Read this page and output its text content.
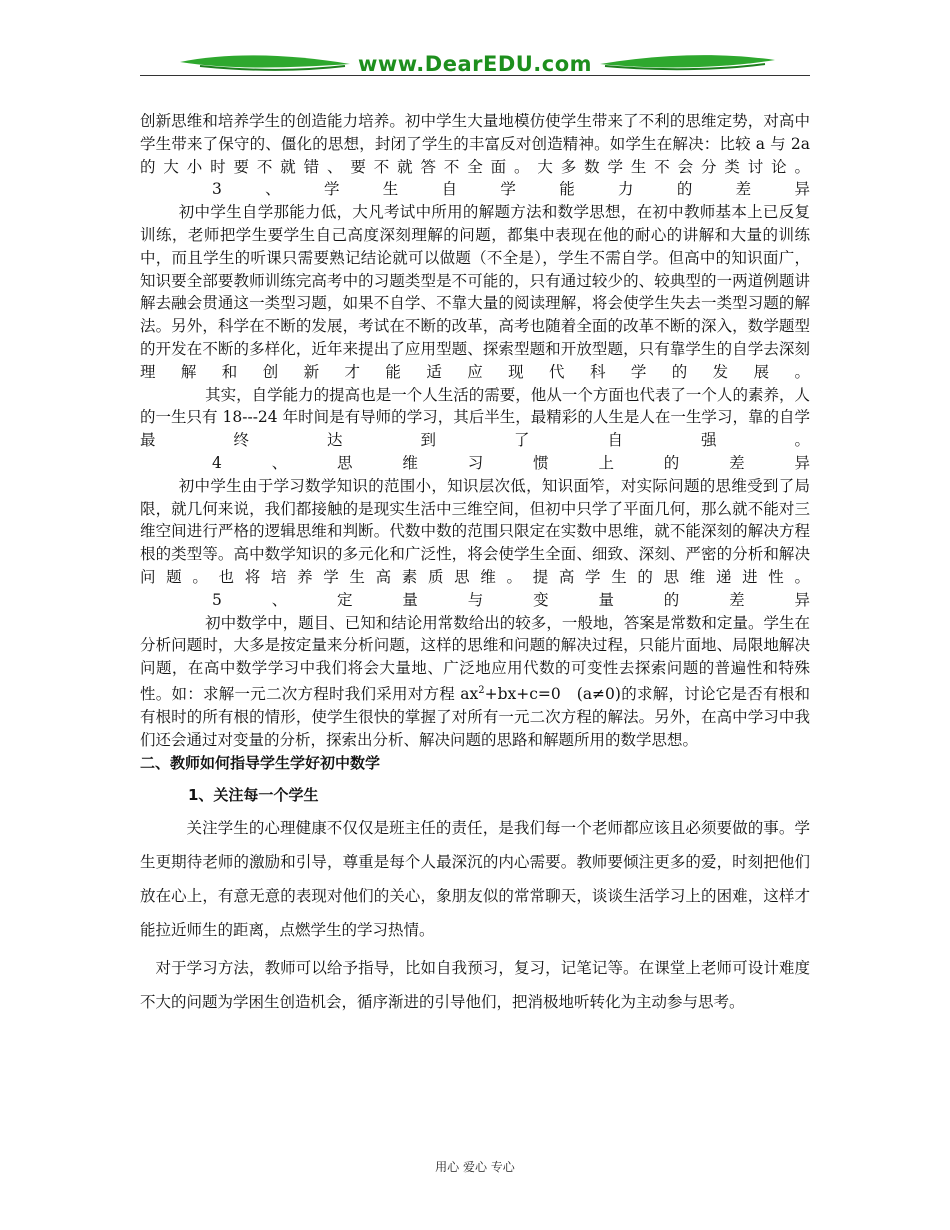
www.DearEDU.com

创新思维和培养学生的创造能力培养。初中学生大量地模仿使学生带来了不利的思维定势，对高中学生带来了保守的、僵化的思想，封闭了学生的丰富反对创造精神。如学生在解决：比较 a 与 2a 的大小时要不就错、要不就答不全面。大多数学生不会分类讨论。

3、学生自学能力的差异

初中学生自学那能力低，大凡考试中所用的解题方法和数学思想，在初中教师基本上已反复训练，老师把学生要学生自己高度深刻理解的问题，都集中表现在他的耐心的讲解和大量的训练中，而且学生的听课只需要熟记结论就可以做题（不全是），学生不需自学。但高中的知识面广，知识要全部要教师训练完高考中的习题类型是不可能的，只有通过较少的、较典型的一两道例题讲解去融会贯通这一类型习题，如果不自学、不靠大量的阅读理解，将会使学生失去一类型习题的解法。另外，科学在不断的发展，考试在不断的改革，高考也随着全面的改革不断的深入，数学题型的开发在不断的多样化，近年来提出了应用型题、探索型题和开放型题，只有靠学生的自学去深刻理解和创新才能适应现代科学的发展。

其实，自学能力的提高也是一个人生活的需要，他从一个方面也代表了一个人的素养，人的一生只有 18---24 年时间是有导师的学习，其后半生，最精彩的人生是人在一生学习，靠的自学最终达到了自强。

4、思维习惯上的差异

初中学生由于学习数学知识的范围小，知识层次低，知识面笮，对实际问题的思维受到了局限，就几何来说，我们都接触的是现实生活中三维空间，但初中只学了平面几何，那么就不能对三维空间进行严格的逻辑思维和判断。代数中数的范围只限定在实数中思维，就不能深刻的解决方程根的类型等。高中数学知识的多元化和广泛性，将会使学生全面、细致、深刻、严密的分析和解决问题。也将培养学生高素质思维。提高学生的思维递进性。

5、定量与变量的差异

初中数学中，题目、已知和结论用常数给出的较多，一般地，答案是常数和定量。学生在分析问题时，大多是按定量来分析问题，这样的思维和问题的解决过程，只能片面地、局限地解决问题，在高中数学学习中我们将会大量地、广泛地应用代数的可变性去探索问题的普遍性和特殊性。如：求解一元二次方程时我们采用对方程 $ax^2+bx+c=0$　(a≠0)的求解，讨论它是否有根和有根时的所有根的情形，使学生很快的掌握了对所有一元二次方程的解法。另外，在高中学习中我们还会通过对变量的分析，探索出分析、解决问题的思路和解题所用的数学思想。

二、教师如何指导学生学好初中数学

1、关注每一个学生

关注学生的心理健康不仅仅是班主任的责任，是我们每一个老师都应该且必须要做的事。学生更期待老师的激励和引导，尊重是每个人最深沉的内心需要。教师要倾注更多的爱，时刻把他们放在心上，有意无意的表现对他们的关心，象朋友似的常常聊天，谈谈生活学习上的困难，这样才能拉近师生的距离，点燃学生的学习热情。

对于学习方法，教师可以给予指导，比如自我预习，复习，记笔记等。在课堂上老师可设计难度不大的问题为学困生创造机会，循序渐进的引导他们，把消极地听转化为主动参与思考。

用心 爱心 专心
